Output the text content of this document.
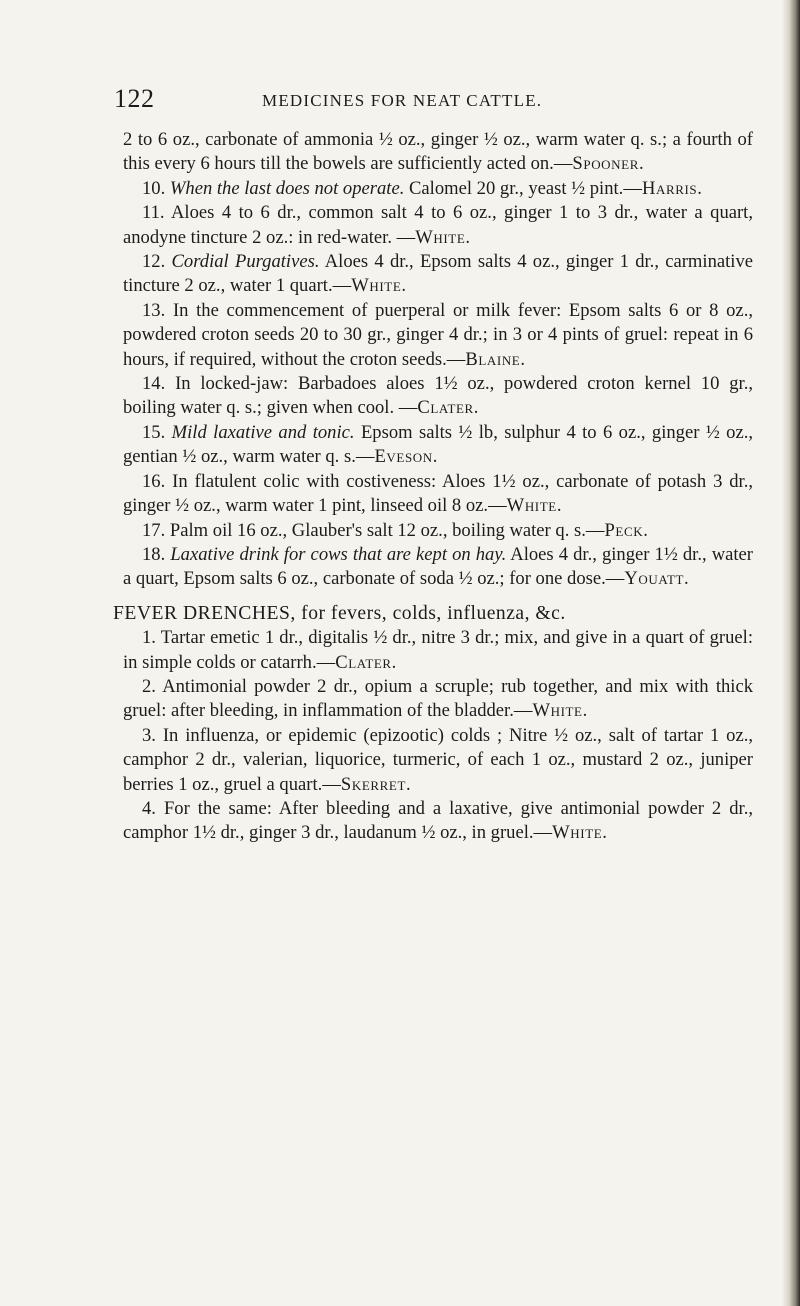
122	MEDICINES FOR NEAT CATTLE.

2 to 6 oz., carbonate of ammonia ½ oz., ginger ½ oz., warm water q. s.; a fourth of this every 6 hours till the bowels are sufficiently acted on.—Spooner.

10. When the last does not operate. Calomel 20 gr., yeast ½ pint.—Harris.

11. Aloes 4 to 6 dr., common salt 4 to 6 oz., ginger 1 to 3 dr., water a quart, anodyne tincture 2 oz.: in red-water. —White.

12. Cordial Purgatives. Aloes 4 dr., Epsom salts 4 oz., ginger 1 dr., carminative tincture 2 oz., water 1 quart.—White.

13. In the commencement of puerperal or milk fever: Epsom salts 6 or 8 oz., powdered croton seeds 20 to 30 gr., ginger 4 dr.; in 3 or 4 pints of gruel: repeat in 6 hours, if required, without the croton seeds.—Blaine.

14. In locked-jaw: Barbadoes aloes 1½ oz., powdered croton kernel 10 gr., boiling water q. s.; given when cool. —Clater.

15. Mild laxative and tonic. Epsom salts ½ lb, sulphur 4 to 6 oz., ginger ½ oz., gentian ½ oz., warm water q. s.—Eveson.

16. In flatulent colic with costiveness: Aloes 1½ oz., carbonate of potash 3 dr., ginger ½ oz., warm water 1 pint, linseed oil 8 oz.—White.

17. Palm oil 16 oz., Glauber's salt 12 oz., boiling water q. s.—Peck.

18. Laxative drink for cows that are kept on hay. Aloes 4 dr., ginger 1½ dr., water a quart, Epsom salts 6 oz., carbonate of soda ½ oz.; for one dose.—Youatt.

FEVER DRENCHES, for fevers, colds, influenza, &c.

1. Tartar emetic 1 dr., digitalis ½ dr., nitre 3 dr.; mix, and give in a quart of gruel: in simple colds or catarrh.—Clater.

2. Antimonial powder 2 dr., opium a scruple; rub together, and mix with thick gruel: after bleeding, in inflammation of the bladder.—White.

3. In influenza, or epidemic (epizootic) colds ; Nitre ½ oz., salt of tartar 1 oz., camphor 2 dr., valerian, liquorice, turmeric, of each 1 oz., mustard 2 oz., juniper berries 1 oz., gruel a quart.—Skerret.

4. For the same: After bleeding and a laxative, give antimonial powder 2 dr., camphor 1½ dr., ginger 3 dr., laudanum ½ oz., in gruel.—White.
